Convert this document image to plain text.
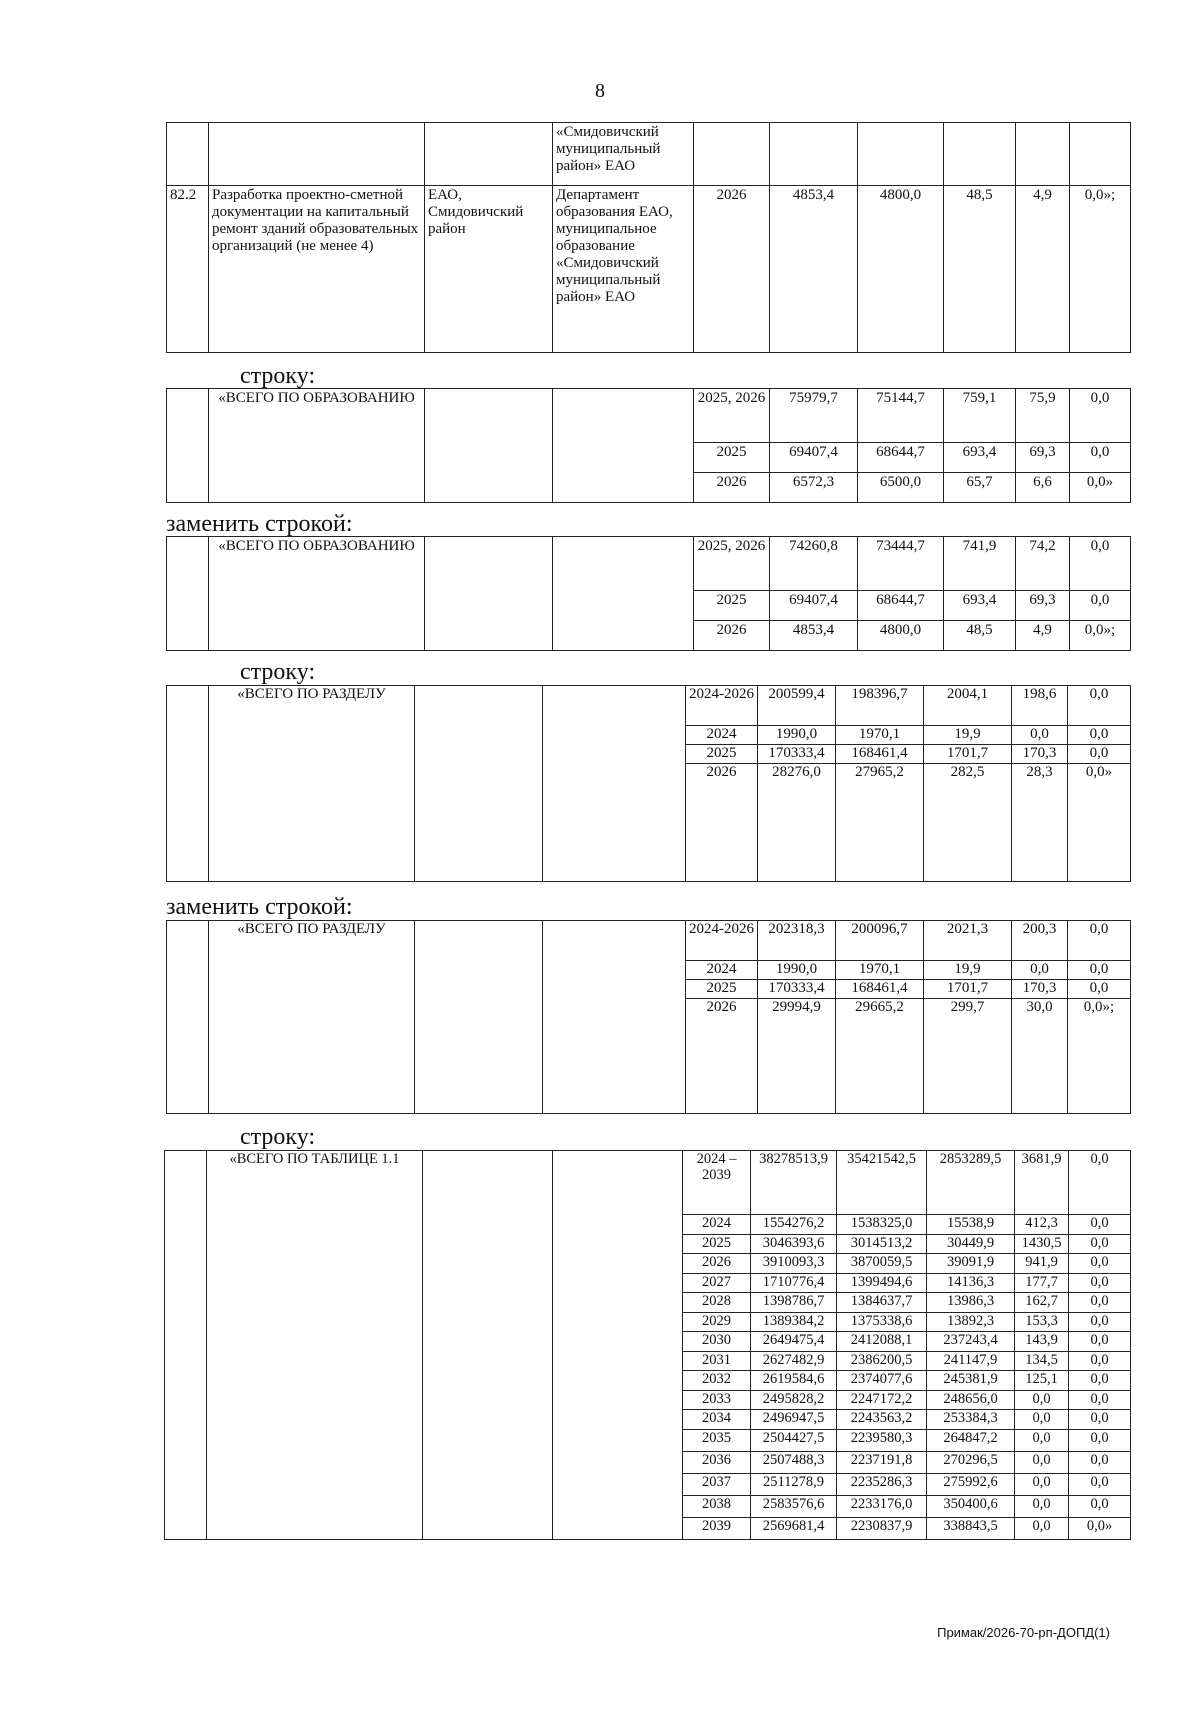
8
			«Смидовичский муниципальный район» ЕАО						
82.2	Разработка проектно-сметной документации на капитальный ремонт зданий образовательных организаций (не менее 4)	ЕАО, Смидовичский район	Департамент образования ЕАО, муниципальное образование «Смидовичский муниципальный район» ЕАО	2026	4853,4	4800,0	48,5	4,9	0,0»;
строку:
	«ВСЕГО ПО ОБРАЗОВАНИЮ			2025, 2026	75979,7	75144,7	759,1	75,9	0,0
				2025	69407,4	68644,7	693,4	69,3	0,0
				2026	6572,3	6500,0	65,7	6,6	0,0»
заменить строкой:
	«ВСЕГО ПО ОБРАЗОВАНИЮ			2025, 2026	74260,8	73444,7	741,9	74,2	0,0
				2025	69407,4	68644,7	693,4	69,3	0,0
				2026	4853,4	4800,0	48,5	4,9	0,0»;
строку:
	«ВСЕГО ПО РАЗДЕЛУ			2024-2026	200599,4	198396,7	2004,1	198,6	0,0
				2024	1990,0	1970,1	19,9	0,0	0,0
				2025	170333,4	168461,4	1701,7	170,3	0,0
				2026	28276,0	27965,2	282,5	28,3	0,0»
заменить строкой:
	«ВСЕГО ПО РАЗДЕЛУ			2024-2026	202318,3	200096,7	2021,3	200,3	0,0
				2024	1990,0	1970,1	19,9	0,0	0,0
				2025	170333,4	168461,4	1701,7	170,3	0,0
				2026	29994,9	29665,2	299,7	30,0	0,0»;
строку:
	«ВСЕГО ПО ТАБЛИЦЕ 1.1			2024 – 2039	38278513,9	35421542,5	2853289,5	3681,9	0,0
				2024	1554276,2	1538325,0	15538,9	412,3	0,0
				2025	3046393,6	3014513,2	30449,9	1430,5	0,0
				2026	3910093,3	3870059,5	39091,9	941,9	0,0
				2027	1710776,4	1399494,6	14136,3	177,7	0,0
				2028	1398786,7	1384637,7	13986,3	162,7	0,0
				2029	1389384,2	1375338,6	13892,3	153,3	0,0
				2030	2649475,4	2412088,1	237243,4	143,9	0,0
				2031	2627482,9	2386200,5	241147,9	134,5	0,0
				2032	2619584,6	2374077,6	245381,9	125,1	0,0
				2033	2495828,2	2247172,2	248656,0	0,0	0,0
				2034	2496947,5	2243563,2	253384,3	0,0	0,0
				2035	2504427,5	2239580,3	264847,2	0,0	0,0
				2036	2507488,3	2237191,8	270296,5	0,0	0,0
				2037	2511278,9	2235286,3	275992,6	0,0	0,0
				2038	2583576,6	2233176,0	350400,6	0,0	0,0
				2039	2569681,4	2230837,9	338843,5	0,0	0,0»
Примак/2026-70-рп-ДОПД(1)
